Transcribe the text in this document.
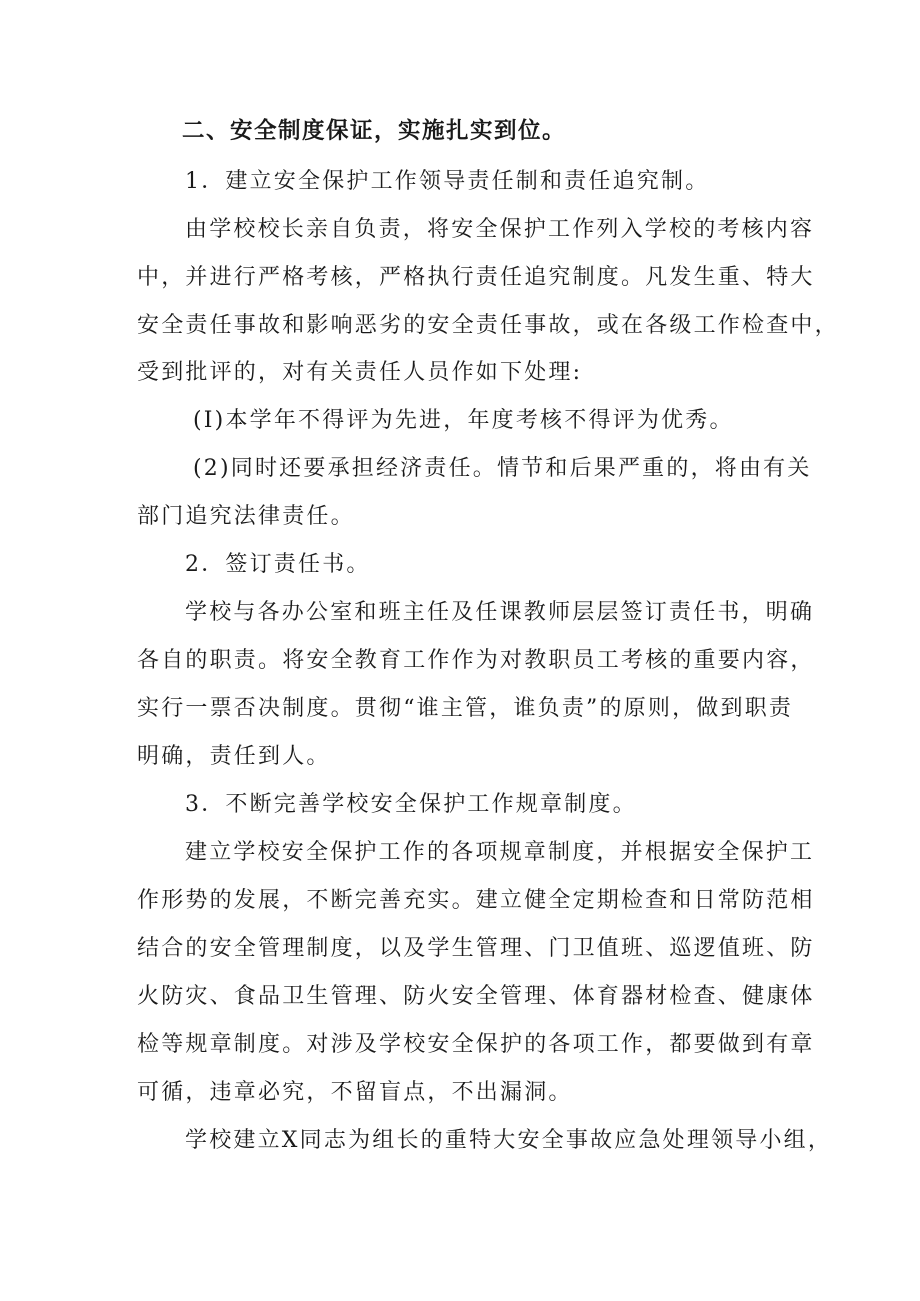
二、安全制度保证，实施扎实到位。
1．建立安全保护工作领导责任制和责任追究制。
由学校校长亲自负责，将安全保护工作列入学校的考核内容
中，并进行严格考核，严格执行责任追究制度。凡发生重、特大
安全责任事故和影响恶劣的安全责任事故，或在各级工作检查中，
受到批评的，对有关责任人员作如下处理:
(I)本学年不得评为先进，年度考核不得评为优秀。
(2)同时还要承担经济责任。情节和后果严重的，将由有关
部门追究法律责任。
2．签订责任书。
学校与各办公室和班主任及任课教师层层签订责任书，明确
各自的职责。将安全教育工作作为对教职员工考核的重要内容，
实行一票否决制度。贯彻“谁主管，谁负责”的原则，做到职责
明确，责任到人。
3．不断完善学校安全保护工作规章制度。
建立学校安全保护工作的各项规章制度，并根据安全保护工
作形势的发展，不断完善充实。建立健全定期检查和日常防范相
结合的安全管理制度，以及学生管理、门卫值班、巡逻值班、防
火防灾、食品卫生管理、防火安全管理、体育器材检查、健康体
检等规章制度。对涉及学校安全保护的各项工作，都要做到有章
可循，违章必究，不留盲点，不出漏洞。
学校建立X同志为组长的重特大安全事故应急处理领导小组，
